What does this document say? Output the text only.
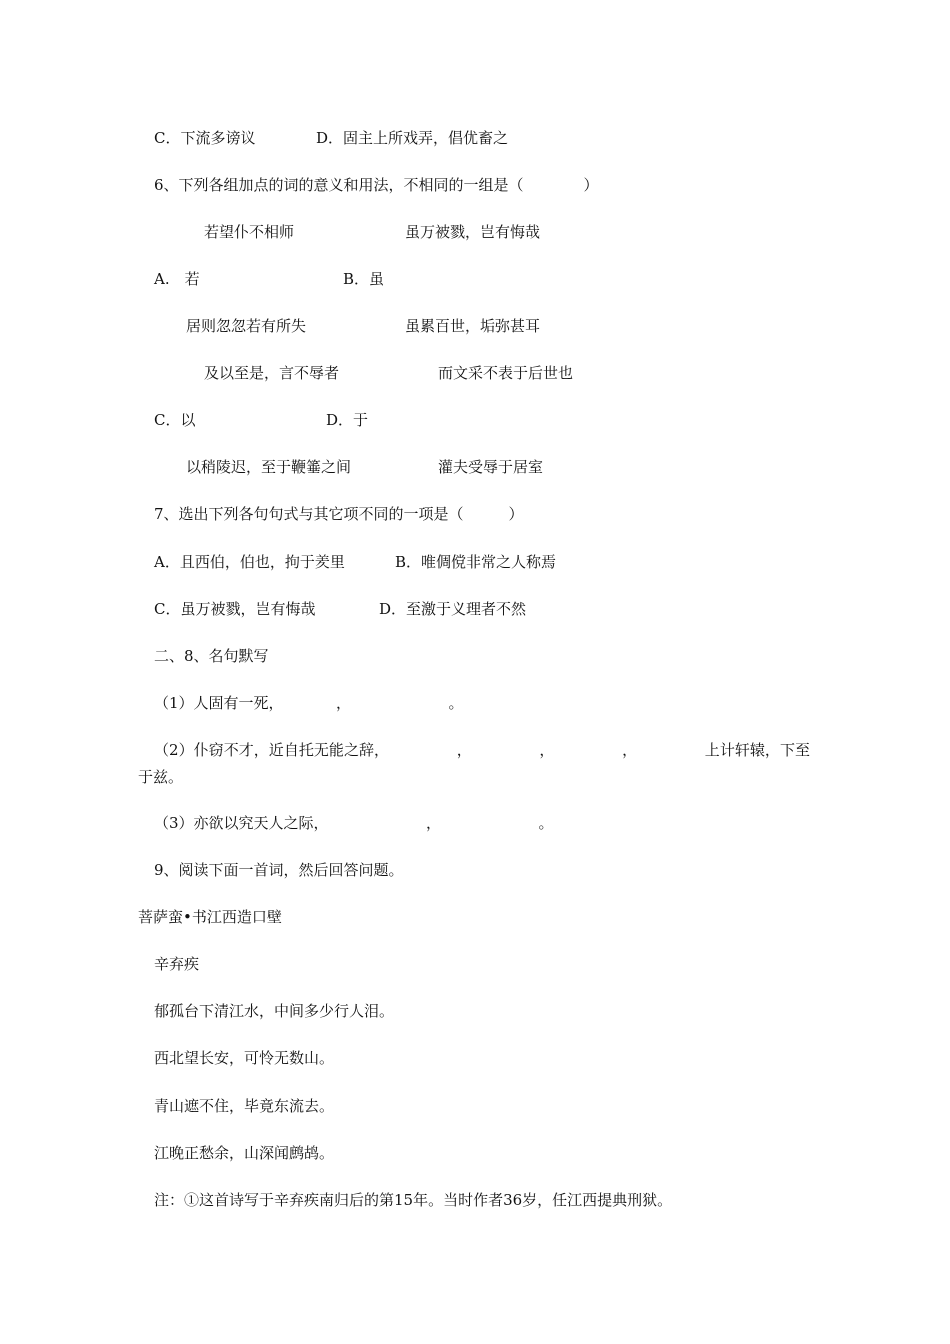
C．下流多谤议	D．固主上所戏弄，倡优畜之
6、下列各组加点的词的意义和用法，不相同的一组是（　　　　）
若望仆不相师	虽万被戮，岂有悔哉
A.　若	B．虽
居则忽忽若有所失	虽累百世，垢弥甚耳
及以至是，言不辱者	而文采不表于后世也
C．以	D．于
以稍陵迟，至于鞭箠之间	灌夫受辱于居室
7、选出下列各句句式与其它项不同的一项是（　　　）
A．且西伯，伯也，拘于羑里	B．唯倜傥非常之人称焉
C．虽万被戮，岂有悔哉	D．至激于义理者不然
二、8、名句默写
（1）人固有一死，　　　　，　　　　　　　。
（2）仆窃不才，近自托无能之辞，　　　　　，　　　　　，　　　　　，　　　　　上计轩辕，下至于兹。
（3）亦欲以究天人之际，　　　　　　　，　　　　　　　。
9、阅读下面一首词，然后回答问题。
菩萨蛮•书江西造口壁
辛弃疾
郁孤台下清江水，中间多少行人泪。
西北望长安，可怜无数山。
青山遮不住，毕竟东流去。
江晚正愁余，山深闻鹧鸪。
注：①这首诗写于辛弃疾南归后的第15年。当时作者36岁，任江西提典刑狱。
